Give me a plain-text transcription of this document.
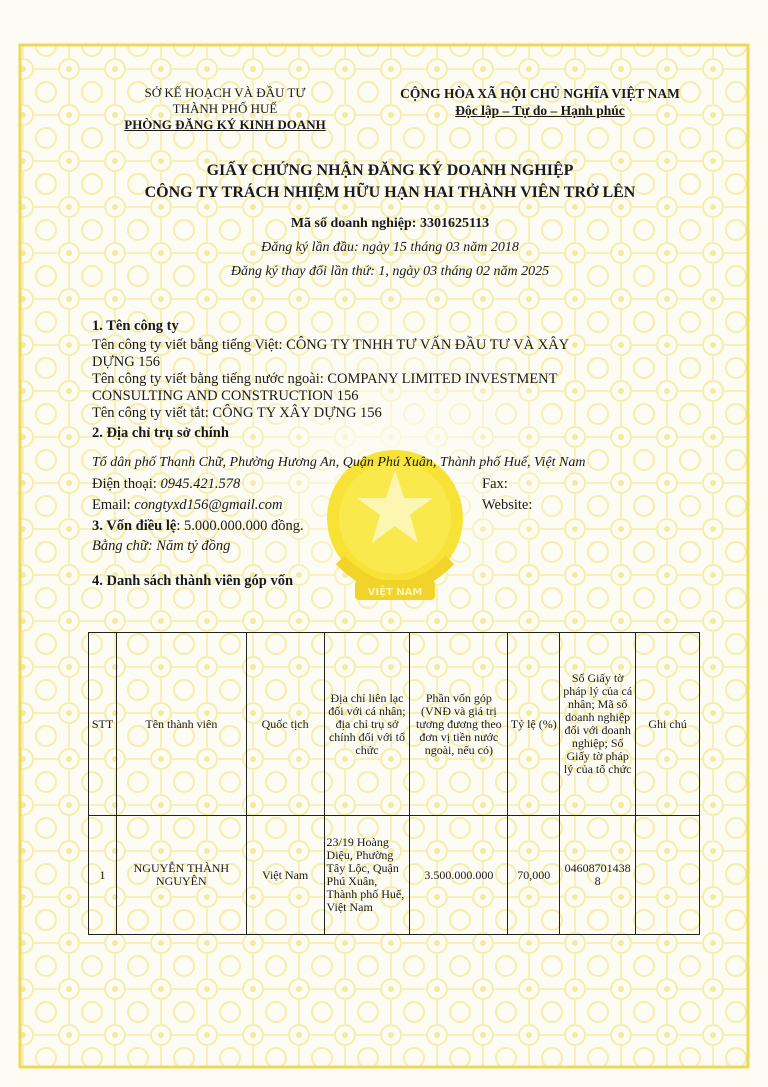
VIỆT NAM
SỞ KẾ HOẠCH VÀ ĐẦU TƯ
THÀNH PHỐ HUẾ
PHÒNG ĐĂNG KÝ KINH DOANH
CỘNG HÒA XÃ HỘI CHỦ NGHĨA VIỆT NAM
Độc lập – Tự do – Hạnh phúc
GIẤY CHỨNG NHẬN ĐĂNG KÝ DOANH NGHIỆP
CÔNG TY TRÁCH NHIỆM HỮU HẠN HAI THÀNH VIÊN TRỞ LÊN
Mã số doanh nghiệp: 3301625113
Đăng ký lần đầu: ngày 15 tháng 03 năm 2018
Đăng ký thay đổi lần thứ: 1, ngày 03 tháng 02 năm 2025
1. Tên công ty
Tên công ty viết bằng tiếng Việt: CÔNG TY TNHH TƯ VẤN ĐẦU TƯ VÀ XÂY
DỰNG 156
Tên công ty viết bằng tiếng nước ngoài: COMPANY LIMITED INVESTMENT
CONSULTING AND CONSTRUCTION 156
Tên công ty viết tắt: CÔNG TY XÂY DỰNG 156
2. Địa chỉ trụ sở chính
Tổ dân phố Thanh Chữ, Phường Hương An, Quận Phú Xuân, Thành phố Huế, Việt Nam
Điện thoại: 0945.421.578	Fax:
Email: congtyxd156@gmail.com	Website:
3. Vốn điều lệ: 5.000.000.000 đồng.
Bằng chữ: Năm tỷ đồng
4. Danh sách thành viên góp vốn
STT	Tên thành viên	Quốc tịch	Địa chỉ liên lạc đối với cá nhân; địa chỉ trụ sở chính đối với tổ chức	Phần vốn góp (VNĐ và giá trị tương đương theo đơn vị tiền nước ngoài, nếu có)	Tỷ lệ (%)	Số Giấy tờ pháp lý của cá nhân; Mã số doanh nghiệp đối với doanh nghiệp; Số Giấy tờ pháp lý của tổ chức	Ghi chú
1	NGUYỄN THÀNH NGUYÊN	Việt Nam	23/19 Hoàng Diệu, Phường Tây Lộc, Quận Phú Xuân, Thành phố Huế, Việt Nam	3.500.000.000	70,000	046087014388	
